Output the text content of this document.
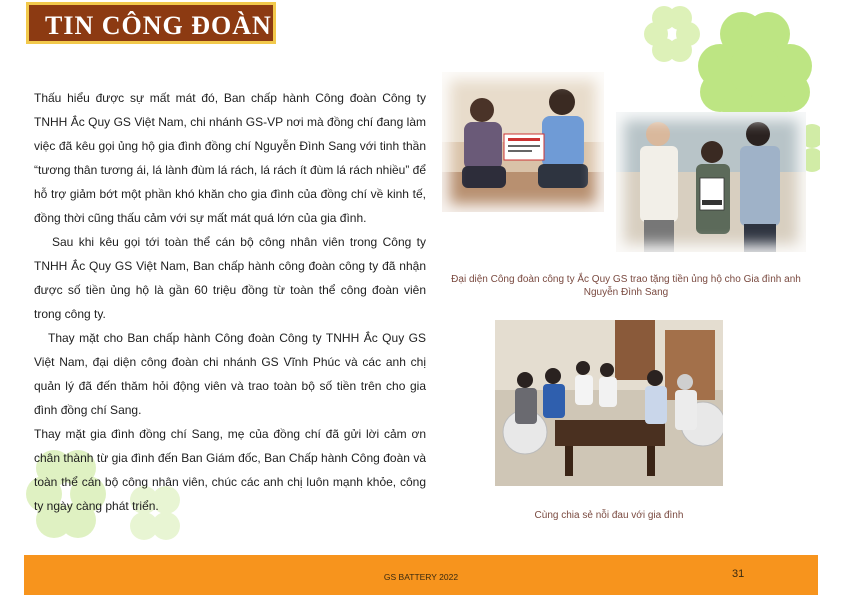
TIN CÔNG ĐOÀN

Thấu hiểu được sự mất mát đó, Ban chấp hành Công đoàn Công ty TNHH Ắc Quy GS Việt Nam, chi nhánh GS-VP nơi mà đồng chí đang làm việc đã kêu gọi ủng hộ gia đình đồng chí Nguyễn Đình Sang với tinh thần “tương thân tương ái, lá lành đùm lá rách, lá rách ít đùm lá rách nhiều” để hỗ trợ giảm bớt một phần khó khăn cho gia đình của đồng chí về kinh tế, đồng thời cũng thấu cảm với sự mất mát quá lớn của gia đình.

Sau khi kêu gọi tới toàn thể cán bộ công nhân viên trong Công ty TNHH Ắc Quy GS Việt Nam, Ban chấp hành công đoàn công ty đã nhận được số tiền ủng hộ là gần 60 triệu đồng từ toàn thể công đoàn viên trong công ty.

Thay mặt cho Ban chấp hành Công đoàn Công ty TNHH Ắc Quy GS Việt Nam, đại diện công đoàn chi nhánh GS Vĩnh Phúc và các anh chị quản lý đã đến thăm hỏi động viên và trao toàn bộ số tiền trên cho gia đình đồng chí Sang.

Thay mặt gia đình đồng chí Sang, mẹ của đồng chí đã gửi lời cảm ơn chân thành từ gia đình đến Ban Giám đốc, Ban Chấp hành Công đoàn và toàn thể cán bộ công nhân viên, chúc các anh chị luôn mạnh khỏe, công ty ngày càng phát triển.

Đại diện Công đoàn công ty Ắc Quy GS trao tặng tiền ủng hộ cho Gia đình anh Nguyễn Đình Sang
Cùng chia sẻ nỗi đau với gia đình
GS BATTERY 2022	31
